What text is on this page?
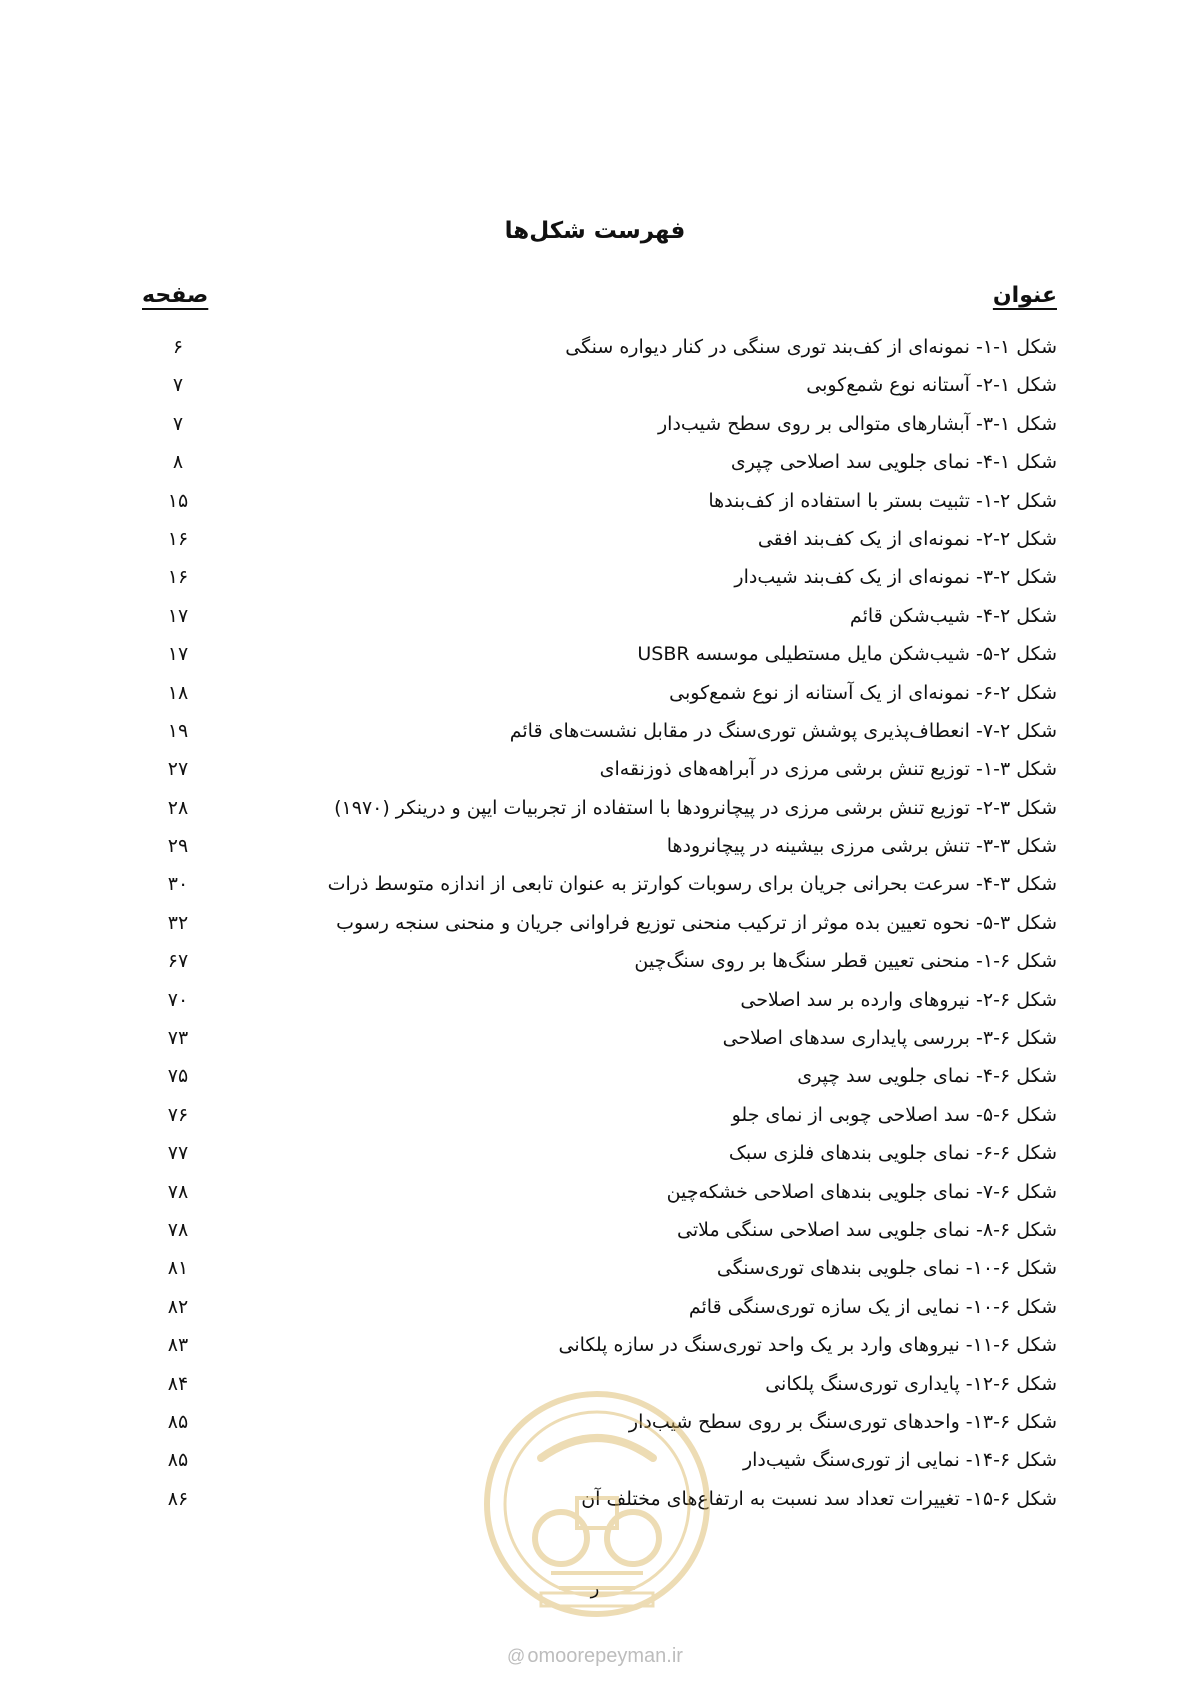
فهرست شکل‌ها
عنوان
صفحه
شکل ۱-۱- نمونه‌ای از کف‌بند توری سنگی در کنار دیواره سنگی
۶
شکل ۱-۲- آستانه نوع شمع‌کوبی
۷
شکل ۱-۳- آبشارهای متوالی بر روی سطح شیب‌دار
۷
شکل ۱-۴- نمای جلویی سد اصلاحی چپری
۸
شکل ۲-۱- تثبیت بستر با استفاده از کف‌بندها
۱۵
شکل ۲-۲- نمونه‌ای از یک کف‌بند افقی
۱۶
شکل ۲-۳- نمونه‌ای از یک کف‌بند شیب‌دار
۱۶
شکل ۲-۴- شیب‌شکن قائم
۱۷
شکل ۲-۵- شیب‌شکن مایل مستطیلی موسسه USBR
۱۷
شکل ۲-۶- نمونه‌ای از یک آستانه از نوع شمع‌کوبی
۱۸
شکل ۲-۷- انعطاف‌پذیری پوشش توری‌سنگ در مقابل نشست‌های قائم
۱۹
شکل ۳-۱- توزیع تنش برشی مرزی در آبراهه‌های ذوزنقه‌ای
۲۷
شکل ۳-۲- توزیع تنش برشی مرزی در پیچانرودها با استفاده از تجربیات ایپن و درینکر (۱۹۷۰)
۲۸
شکل ۳-۳- تنش برشی مرزی بیشینه در پیچانرودها
۲۹
شکل ۳-۴- سرعت بحرانی جریان برای رسوبات کوارتز به عنوان تابعی از اندازه متوسط ذرات
۳۰
شکل ۳-۵- نحوه تعیین بده موثر از ترکیب منحنی توزیع فراوانی جریان و منحنی سنجه رسوب
۳۲
شکل ۶-۱- منحنی تعیین قطر سنگ‌ها بر روی سنگ‌چین
۶۷
شکل ۶-۲- نیروهای وارده بر سد اصلاحی
۷۰
شکل ۶-۳- بررسی پایداری سدهای اصلاحی
۷۳
شکل ۶-۴- نمای جلویی سد چپری
۷۵
شکل ۶-۵- سد اصلاحی چوبی از نمای جلو
۷۶
شکل ۶-۶- نمای جلویی بندهای فلزی سبک
۷۷
شکل ۶-۷- نمای جلویی بندهای اصلاحی خشکه‌چین
۷۸
شکل ۶-۸- نمای جلویی سد اصلاحی سنگی ملاتی
۷۸
شکل ۶-۱۰- نمای جلویی بندهای توری‌سنگی
۸۱
شکل ۶-۱۰- نمایی از یک سازه توری‌سنگی قائم
۸۲
شکل ۶-۱۱- نیروهای وارد بر یک واحد توری‌سنگ در سازه پلکانی
۸۳
شکل ۶-۱۲- پایداری توری‌سنگ پلکانی
۸۴
شکل ۶-۱۳- واحدهای توری‌سنگ بر روی سطح شیب‌دار
۸۵
شکل ۶-۱۴- نمایی از توری‌سنگ شیب‌دار
۸۵
شکل ۶-۱۵- تغییرات تعداد سد نسبت به ارتفاع‌های مختلف آن
۸۶
ر
@ omoorepeyman.ir
